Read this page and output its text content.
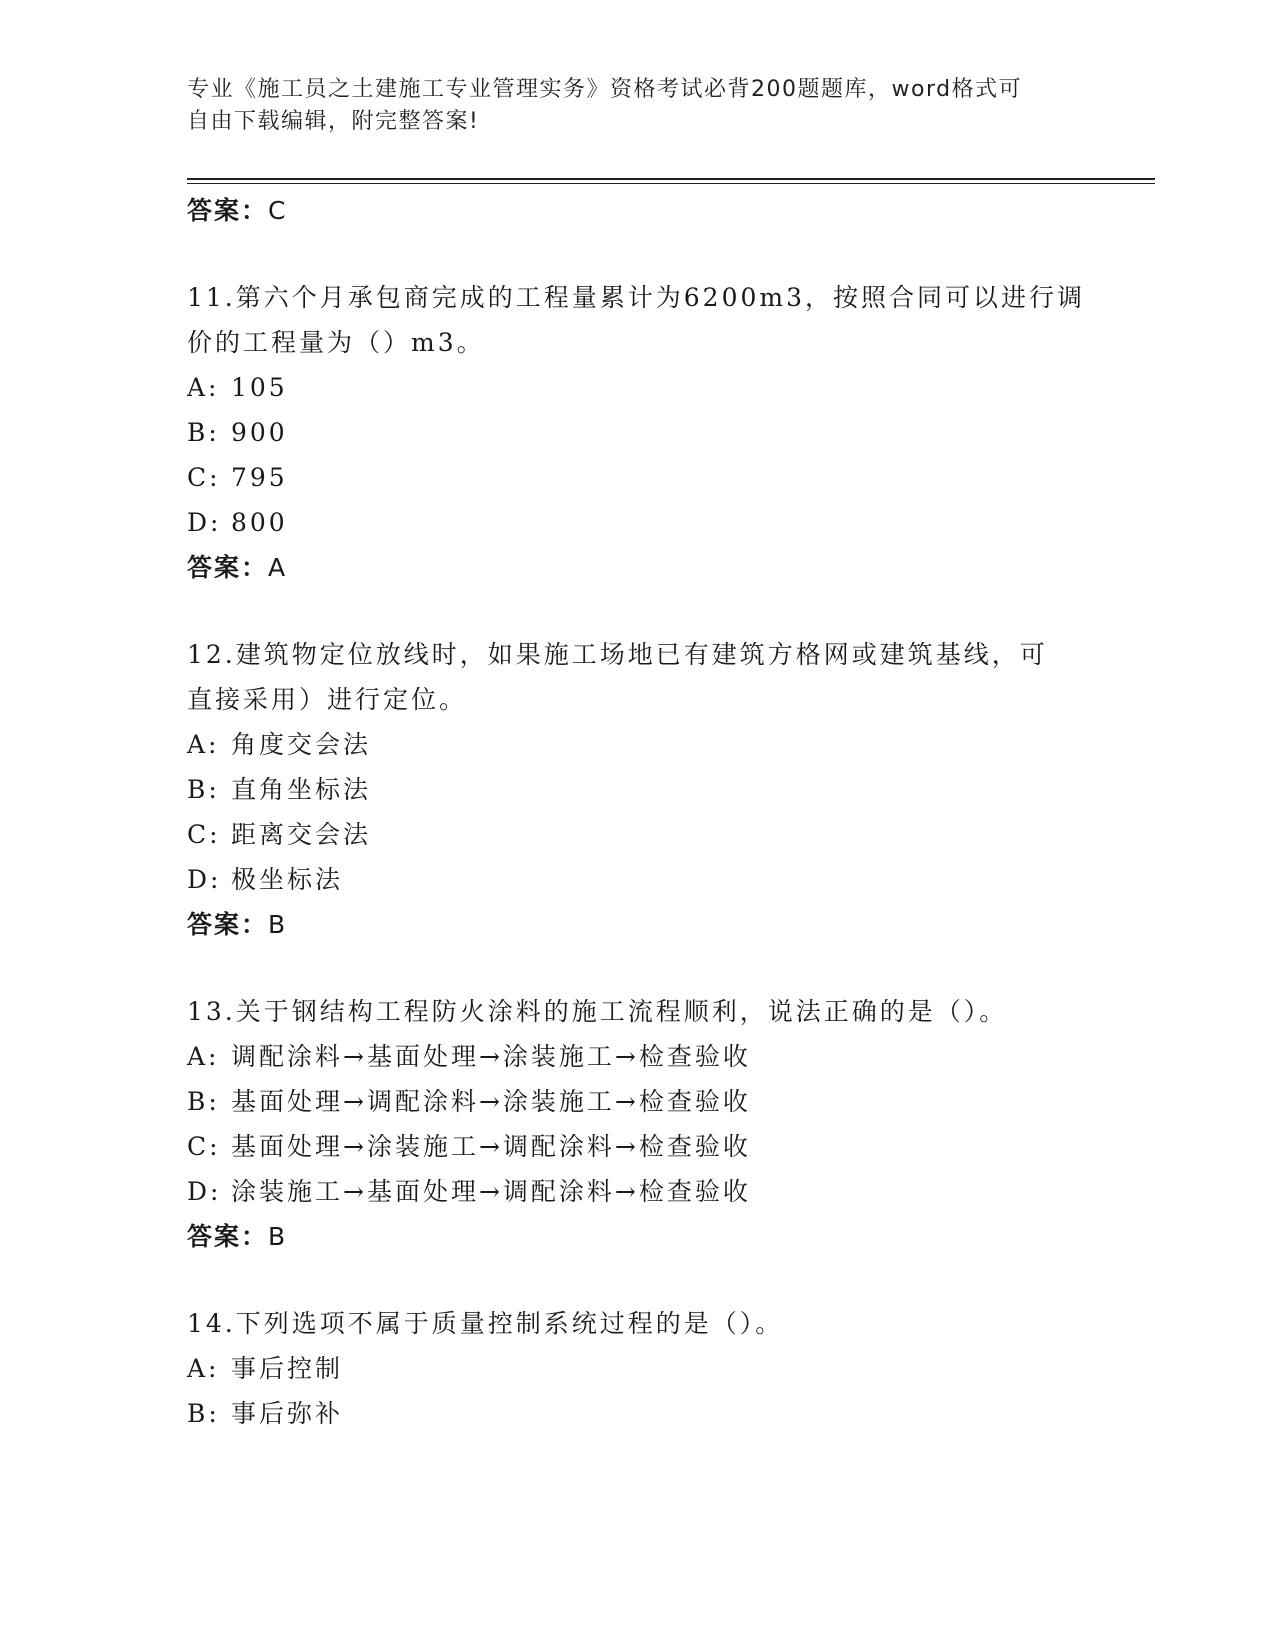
专业《施工员之土建施工专业管理实务》资格考试必背200题题库，word格式可
自由下载编辑，附完整答案!
答案：C
11.第六个月承包商完成的工程量累计为6200m3，按照合同可以进行调
价的工程量为（）m3。
A: 105
B: 900
C: 795
D: 800
答案：A
12.建筑物定位放线时，如果施工场地已有建筑方格网或建筑基线，可
直接采用）进行定位。
A: 角度交会法
B: 直角坐标法
C: 距离交会法
D: 极坐标法
答案：B
13.关于钢结构工程防火涂料的施工流程顺利，说法正确的是（）。
A: 调配涂料→基面处理→涂装施工→检查验收
B: 基面处理→调配涂料→涂装施工→检查验收
C: 基面处理→涂装施工→调配涂料→检查验收
D: 涂装施工→基面处理→调配涂料→检查验收
答案：B
14.下列选项不属于质量控制系统过程的是（）。
A: 事后控制
B: 事后弥补
